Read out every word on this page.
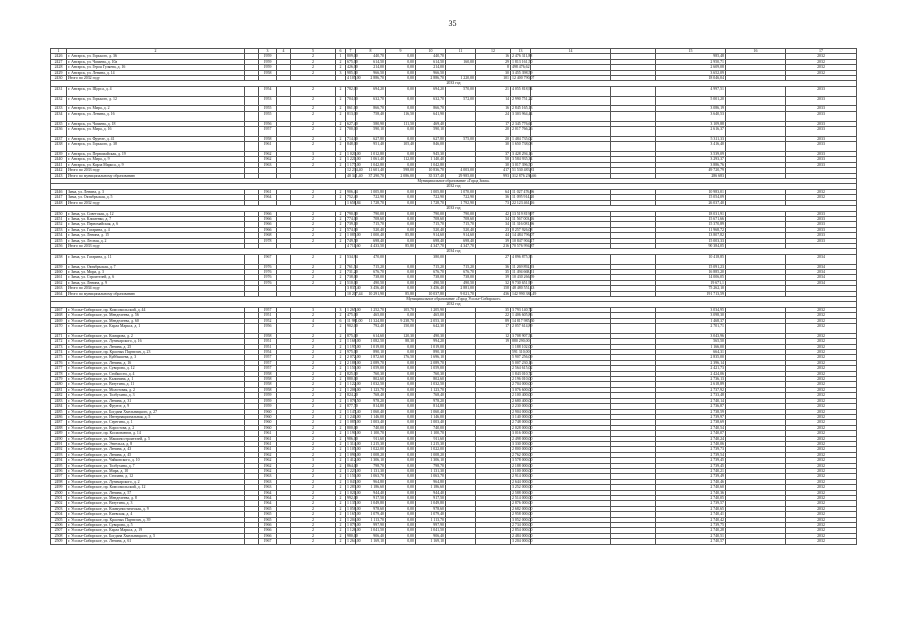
35
1	2		3	4	5	6	7	8	9	10	11	12	13	14		15	16	17
2426	г. Ангарск, ул. Горького, д. 36		1959		2	1	809,00	440,70	0,00	440,70		16	2 476 311,88			985,48		2032
2427	г. Ангарск, ул. Чапаева, д. 10а		1959		2	2	675,00	614,50	0,00	614,50	160,00	29	1 813 161,50			2 950,71		2032
2428	г. Ангарск, ул. Героя Гуляева, д. 16		1959		2	2	426,00	214,00	0,00	214,00		8	498 476,62			2 609,08		2032
2429	г. Ангарск, ул. Ленина, д. 14		1958		2	3	985,00	966,50	0,00	966,50		30	3 455 398,59			3 652,09		2032
2430	Итого по 2032 году						4 105,00	2 886,70	0,00	2 886,70	1 220,00	101	12 400 790,07			18 046,04		
2033 год																		
2431	г. Ангарск, ул. Щорса, д. 4		1954		2	2	782,00	694,20	0,00	694,20	570,00	21	4 055 818,94			4 997,51		2033
2432	г. Ангарск, ул. Горького, д. 12		1953		2	2	704,00	632,70	0,00	632,70	572,00	14	2 990 751,22			5 001,20		2033
2433	г. Ангарск, ул. Мира, д. 2		1955		2	2	861,00	866,70	0,00	866,70		16	2 845 165,13			3 086,19		2033
2434	г. Ангарск, ул. Ленина, д. 16		1955		2	2	813,00	758,40	116,50	641,90		24	3 303 964,44			3 640,53		2033
2435	г. Ангарск, ул. Чапаева, д. 18		1956		2	2	627,40	580,90	111,50	469,40		17	2 345 776,61			3 109,88		2033
2436	г. Ангарск, ул. Мира, д. 16		1957		2	2	700,00	590,10	0,00	590,10		20	2 017 766,26			2 616,37		2033
2437	г. Ангарск, ул. Фрунзе, д. 41		1958		2	2	714,00	627,80	0,00	627,80	575,00	20	1 484 735,02			5 311,33		2033
2438	г. Ангарск, ул. Горького, д. 38		1961		2	2	848,00	951,40	105,40	846,00		30	1 650 738,08			3 416,40		2033
2439	г. Ангарск, ул. Первомайская, д. 19		1962		3	2	1 020,00	1 012,80	0,00	945,30		37	3 428 294,16			3 539,09		2033
2440	г. Ангарск, ул. Мира, д. 9		1962		2	2	1 221,00	1 061,40	112,00	1 140,40		50	3 584 935,34			3 293,37		2033
2441	г. Ангарск, ул. Карла Маркса, д. 9		1963		2	2	1 177,00	1 042,80	0,00	1 042,80		30	3 017 396,50			3 886,76		2033
2442	Итого по 2033 году						12 234,40	11 601,40	598,00	10 836,70	4 003,00	417	51 530 483,81			49 720,79		
2443	Итого по муниципальному образованию						40 341,40	37 290,70	2 086,00	35 537,40	29 985,00	993	312 876 236,66			286 683		
Муниципальное образование «Город Зима»																		
2032 год																		
2446	Зима, ул. Ленина, д. 3		1961		2	2	906,44	1 005,80	0,00	1 005,80	1 070,00	64	11 027 476,96			10 983,01		2032
2447	Зима, ул. Октябрьская, д. 5		1964		2	2	752,40	722,90	0,00	722,90	722,90	36	11 095 914,20			15 054,09		2032
2448	Итого по 2032 году						1 658,84	1 728,70	0,00	1 728,70	1 792,90	73	22 123 461,16			26 037,40		
2033 год																		
2450	г. Зима, ул. Советская, д. 12		1966		2	2	790,00	790,00	0,00	790,00	790,00	42	13 519 819,97			18 031,91		2033
2451	г. Зима, ул. Клименко, д. 7		1966		2	2	774,00	708,60	0,00	708,60	708,60	34	11 567 003,16			15 671,66		2033
2452	г. Зима, ул. Первомайская, д. 6		1966		2	2	739,10	715,70	0,00	715,70	715,70	34	11 316 081,96			15 370,89		2033
2453	г. Зима, ул. Гагарина, д. 4		1966		2	2	574,00	520,40	0,00	520,40	520,40	23	8 257 926,08			11 968,72		2033
2454	г. Зима, ул. Ленина, д. 15		1968		2	2	1 085,00	1 000,40	85,80	914,60	914,60	44	14 484 796,07			13 807,82		2033
2455	г. Зима, ул. Лесная, д. 2		1978		2	2	749,50	698,40	0,00	698,40	698,40	39	10 847 904,17			15 003,33		2033
2456	Итого по 2033 году						4 711,60	4 433,50	85,80	4 347,70	4 347,70	216	70 576 994,87			90 384,05		
2034 год																		
2458	г. Зима, ул. Гагарина, д. 11		1967		2	2	534,94	470,00		380,00		27	4 896 875,35			10 418,85		2034
2459	г. Зима, ул. Октябрьская, д. 7		1976		2	2	761,54	715,20	0,00	715,20	715,20	36	11 269 892,93			15 091,23		2034
2460	г. Зима, ул. Мира, д. 3		1976		2	2	731,20	676,70	0,00	676,70	676,70	35	11 494 668,51			16 885,20		2034
2461	г. Зима, ул. Строителей, д. 6		1976		2	2	738,00	738,00	0,00	738,00	738,00	39	10 430 266,59			14 006,05		2034
2462	г. Зима, ул. Ленина, д. 9		1976		2	2	510,00	490,50	0,00	490,50	490,50	32	9 730 651,99			19 671,1		2034
2463	Итого по 2034 году						3 837,40	3 456,40	0,00	3 456,40	2 881,00	158	48 480 551,43			75 262,10		
2464	Итого по муниципальному образованию						10 207,44	10 291,90	85,80	10 037,80	9 021,70	436	142 990 384,49			191 713,59		
Муниципальное образование «Город Усолье-Сибирское»																		
2032 год																		
2467	г. Усолье-Сибирское, пр. Комсомольский, д. 44		1957		3	3	1 265,00	1 252,70	105,70	1 205,90		35	3 793 140,72			3 034,95		2032
2468	г. Усолье-Сибирское, ул. Менделеева, д. 56		1951		2	2	475,00	465,00	0,00	465,00		22	1 406 605,86			3 098,30		2032
2469	г. Усолье-Сибирское, ул. Менделеева, д. 60		1952		4	6	11 981,00	11 324,80	9 238,70	2 053,10		89	14 817 985,50			1 468,37		2032
2470	г. Усолье-Сибирское, ул. Карла Маркса, д. 1		1956		2	2	902,00	792,40	150,00	642,30		17	2 057 614,89			2 701,71		2032
2471	г. Усолье-Сибирское, ул. Комарова, д. 2		1958		2	2	875,00	614,60	120,30	490,30		12	3 708 907,54			3 043,96		2032
2472	г. Усолье-Сибирское, ул. Луначарского, д. 16		1951		2	2	1 168,00	1 082,50	88,30	994,20		19	880 290,00			565,50		2032
2473	г. Усолье-Сибирское, ул. Ленина, д. 25		1951		2	2	1 197,00	1 019,00	0,00	1 019,00			1 188 102,00			1 166,00		2032
2474	г. Усолье-Сибирское, пр. Красных Партизан, д. 23		1954		2	2	975,00	890,10	0,00	890,10			591 310,00			664,31		2032
2475	г. Усолье-Сибирское, ул. Куйбышева, д. 3		1957		2	2	2 072,00	1 872,60	176,50	1 696,10			5 907 256,09			2 835,00		2032
2476	г. Усолье-Сибирское, ул. Ленина, д. 16		1957		2	2	2 188,00	2 089,70	0,00	2 089,70			5 007 230,16			2 396,14		2032
2477	г. Усолье-Сибирское, ул. Суворова, д. 12		1957		2	2	1 150,00	1 059,00	0,00	1 059,00			2 564 615,02			2 421,73		2032
2478	г. Усолье-Сибирское, ул. Стойкости, д. 4		1958		2	2	825,00	760,30	0,00	760,30			1 843 010,72			2 424,06		2032
2479	г. Усолье-Сибирское, ул. Калинина, д. 1		1958		2	2	880,00	802,60	0,00	802,60			2 196 010,00			2 736,13		2032
2480	г. Усолье-Сибирское, ул. Ватутина, д. 11		1958		2	2	1 122,00	1 032,50	0,00	1 032,50			2 704 000,00			2 618,89		2032
2481	г. Усолье-Сибирское, ул. Молотовая, д. 2		1958		2	2	1 206,00	1 123,70	0,00	1 123,70			3 076 600,00			2 737,92		2032
2482	г. Усолье-Сибирское, ул. Толбухина, д. 3		1959		2	2	824,20	768,40	0,00	768,40			2 100 400,00			2 733,48		2032
2483	г. Усолье-Сибирское, ул. Ленина, д. 31		1959		2	2	1 076,50	978,20	0,00	978,20			2 680 400,00			2 740,14		2032
2484	г. Усолье-Сибирское, ул. Фрунзе, д. 9		1959		2	2	877,70	814,80	0,00	814,80			2 230 000,00			2 736,87		2032
2485	г. Усолье-Сибирское, ул. Богдана Хмельницкого, д. 27		1960		2	2	1 147,40	1 060,40	0,00	1 060,40			2 904 000,00			2 738,59		2032
2486	г. Усолье-Сибирское, ул. Интернациональная, д. 5		1960		2	2	1 240,00	1 146,00	0,00	1 146,00			3 140 000,00			2 739,97		2032
2487	г. Усолье-Сибирское, ул. Серегина, д. 1		1960		2	2	1 085,00	1 003,40	0,00	1 003,40			2 748 000,00			2 738,69		2032
2488	г. Усолье-Сибирское, ул. Коростова, д. 2		1960		2	2	800,00	740,00	0,00	740,00			2 028 000,00			2 740,54		2032
2489	г. Усолье-Сибирское, пр. Космонавтов, д. 14		1961		2	2	1 190,00	1 100,70	0,00	1 100,70			3 016 000,00			2 740,07		2032
2490	г. Усолье-Сибирское, ул. Машиностроителей, д. 5		1961		2	2	986,00	911,60	0,00	911,60			2 498 000,00			2 740,24		2032
2491	г. Усолье-Сибирское, ул. Энгельса, д. 8		1961		2	2	1 314,00	1 215,30	0,00	1 215,30			3 330 000,00			2 740,06		2032
2492	г. Усолье-Сибирское, ул. Ленина, д. 43		1961		2	2	1 105,00	1 022,00	0,00	1 022,00			2 800 000,00			2 739,73		2032
2493	г. Усолье-Сибирское, ул. Ленина, д. 45		1962		2	2	1 090,00	1 008,20	0,00	1 008,20			2 762 000,00			2 739,54		2032
2494	г. Усолье-Сибирское, ул. Чайковского, д. 10		1962		3	2	1 412,00	1 306,10	0,00	1 306,10			3 578 000,00			2 739,45		2032
2495	г. Усолье-Сибирское, ул. Толбухина, д. 7		1962		2	2	864,00	798,70	0,00	798,70			2 188 000,00			2 739,45		2032
2496	г. Усолье-Сибирское, ул. Мира, д. 10		1962		2	2	1 223,00	1 131,30	0,00	1 131,30			3 100 000,00			2 740,21		2032
2497	г. Усолье-Сибирское, ул. Стопани, д. 12		1963		2	2	1 150,00	1 063,70	0,00	1 063,70			2 914 000,00			2 739,49		2032
2498	г. Усолье-Сибирское, ул. Луначарского, д. 2		1963		2	2	1 043,00	964,80	0,00	964,80			2 644 000,00			2 740,46		2032
2499	г. Усолье-Сибирское, пр. Комсомольский, д. 12		1963		2	2	1 283,00	1 186,60	0,00	1 186,60			3 252 000,00			2 740,60		2032
2500	г. Усолье-Сибирское, ул. Ленина, д. 57		1964		2	2	1 021,00	944,40	0,00	944,40			2 588 000,00			2 740,36		2032
2501	г. Усолье-Сибирское, ул. Менделеева, д. 8		1964		2	2	992,00	917,50	0,00	917,50			2 514 000,00			2 740,05		2032
2502	г. Усолье-Сибирское, ул. Ватутина, д. 3		1964		2	2	1 135,00	1 049,80	0,00	1 049,80			2 876 000,00			2 739,57		2032
2503	г. Усолье-Сибирское, ул. Коммунистическая, д. 9		1965		2	2	1 058,00	978,60	0,00	978,60			2 682 000,00			2 740,65		2032
2504	г. Усолье-Сибирское, ул. Киевская, д. 4		1965		2	2	1 167,00	1 079,40	0,00	1 079,40			2 958 000,00			2 740,41		2032
2505	г. Усолье-Сибирское, пр. Красных Партизан, д. 39		1965		2	2	1 204,00	1 113,70	0,00	1 113,70			3 052 000,00			2 740,42		2032
2506	г. Усолье-Сибирское, ул. Суворова, д. 5		1966		2	2	1 079,00	997,90	0,00	997,90			2 734 000,00			2 739,75		2032
2507	г. Усолье-Сибирское, ул. Карла Маркса, д. 19		1966		2	2	1 126,00	1 041,50	0,00	1 041,50			2 854 000,00			2 740,28		2032
2508	г. Усолье-Сибирское, ул. Богдана Хмельницкого, д. 5		1966		2	2	980,00	906,40	0,00	906,40			2 484 000,00			2 740,51		2032
2509	г. Усолье-Сибирское, ул. Ленина, д. 61		1967		2	2	1 264,00	1 169,10	0,00	1 169,10			3 204 000,00			2 740,57		2032
